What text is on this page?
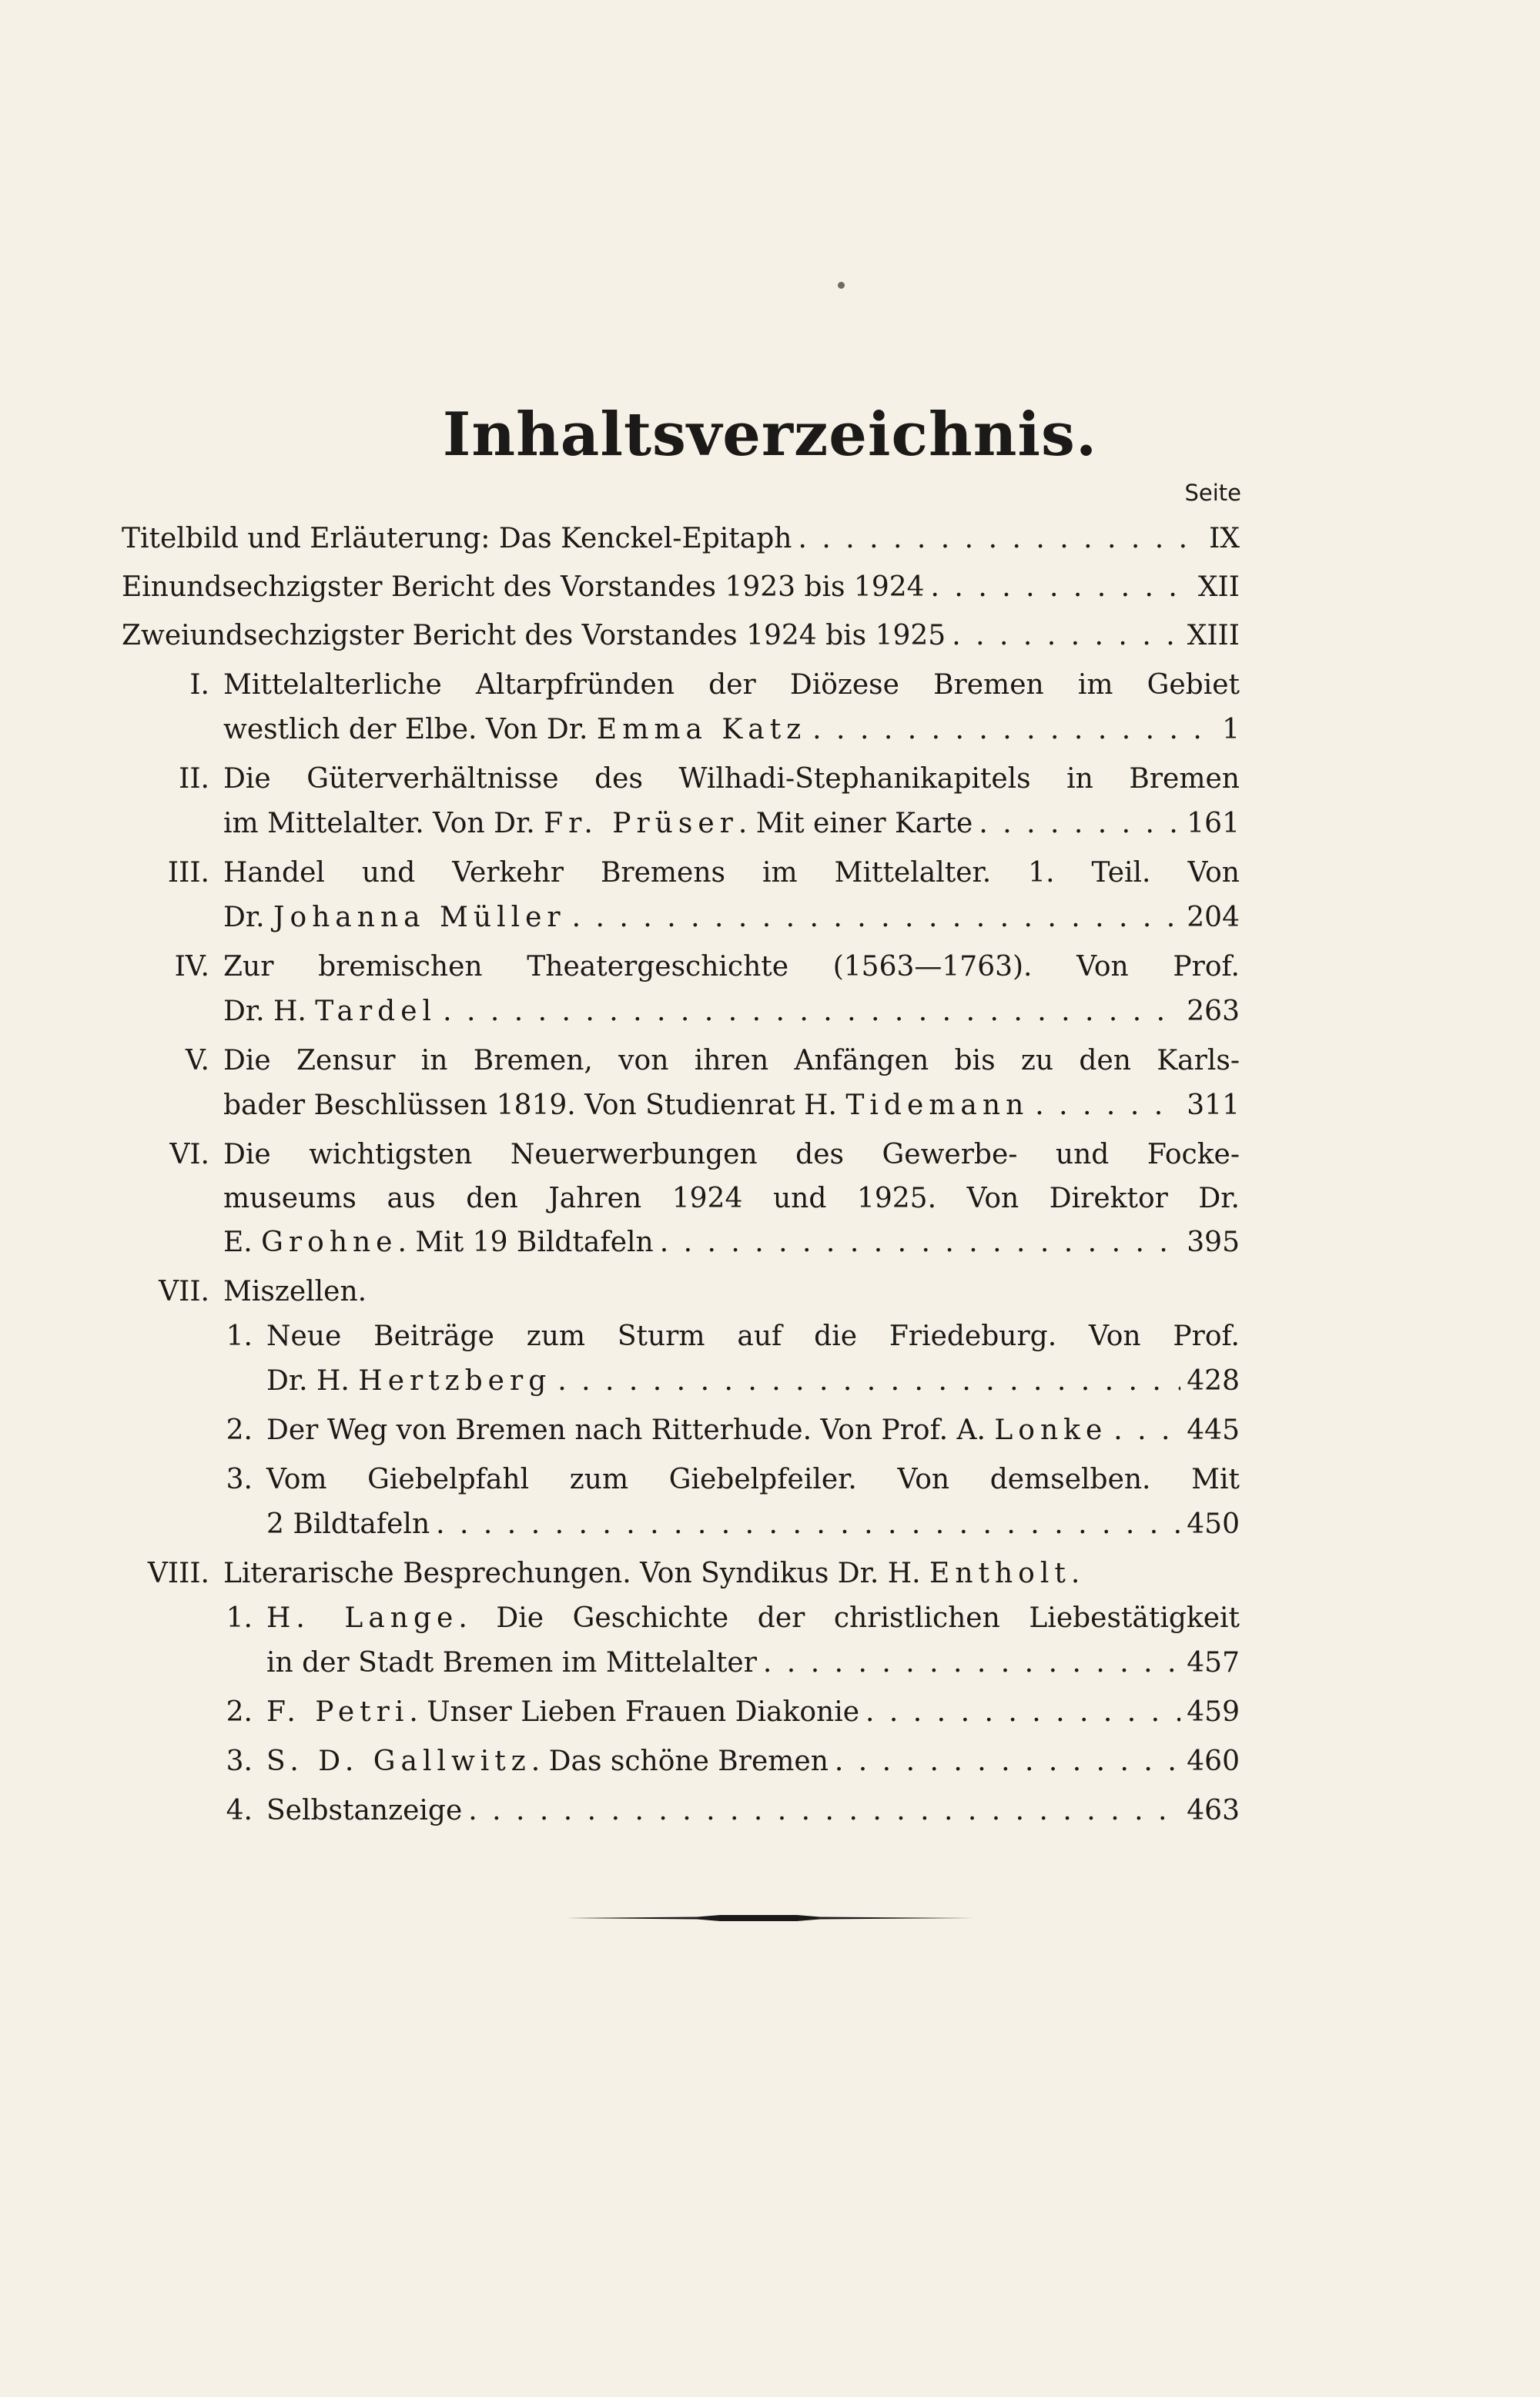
Inhaltsverzeichnis.
Seite
Titelbild und Erläuterung: Das Kenckel-Epitaph . . .	IX
Einundsechzigster Bericht des Vorstandes 1923 bis 1924 . . .	XII
Zweiundsechzigster Bericht des Vorstandes 1924 bis 1925 . . .	XIII
I. Mittelalterliche Altarpfründen der Diözese Bremen im Gebiet
westlich der Elbe. Von Dr. Emma Katz . . .	1
II. Die Güterverhältnisse des Wilhadi-Stephanikapitels in Bremen
im Mittelalter. Von Dr. Fr. Prüser. Mit einer Karte . . .	161
III. Handel und Verkehr Bremens im Mittelalter. 1. Teil. Von
Dr. Johanna Müller . . .	204
IV. Zur bremischen Theatergeschichte (1563—1763). Von Prof.
Dr. H. Tardel . . .	263
V. Die Zensur in Bremen, von ihren Anfängen bis zu den Karls-
bader Beschlüssen 1819. Von Studienrat H. Tidemann . . .	311
VI. Die wichtigsten Neuerwerbungen des Gewerbe- und Focke-
museums aus den Jahren 1924 und 1925. Von Direktor Dr.
E. Grohne. Mit 19 Bildtafeln . . .	395
VII. Miszellen.
1. Neue Beiträge zum Sturm auf die Friedeburg. Von Prof.
Dr. H. Hertzberg . . .	428
2. Der Weg von Bremen nach Ritterhude. Von Prof. A. Lonke . . .	445
3. Vom Giebelpfahl zum Giebelpfeiler. Von demselben. Mit
2 Bildtafeln . . .	450
VIII. Literarische Besprechungen. Von Syndikus Dr. H. Entholt.
1. H. Lange. Die Geschichte der christlichen Liebestätigkeit
in der Stadt Bremen im Mittelalter . . .	457
2. F. Petri. Unser Lieben Frauen Diakonie . . .	459
3. S. D. Gallwitz. Das schöne Bremen . . .	460
4. Selbstanzeige . . .	463
